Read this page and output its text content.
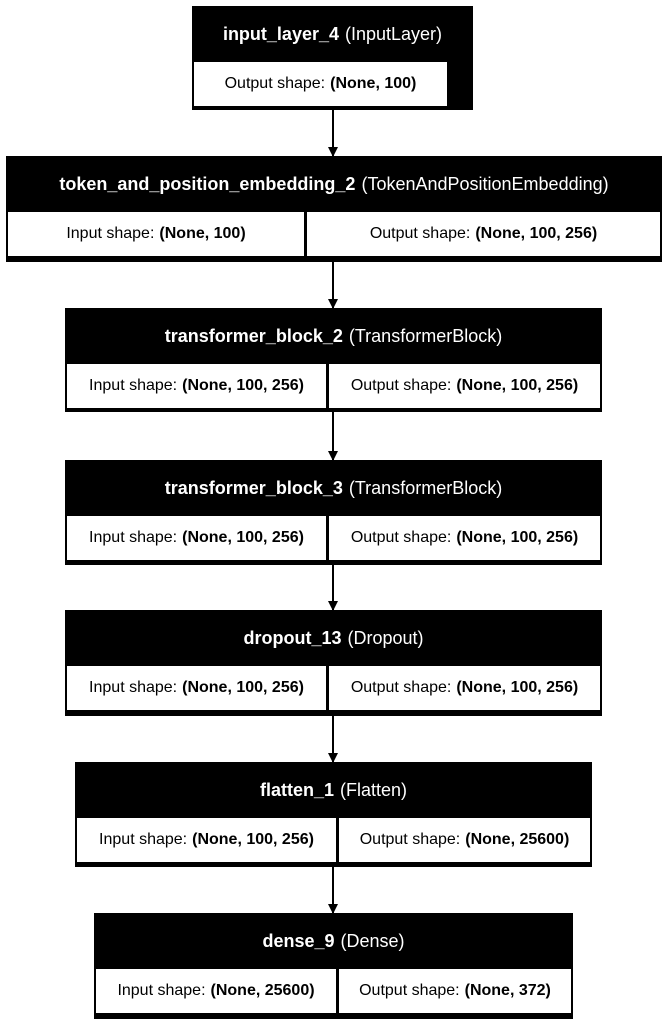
input_layer_4 (InputLayer)
Output shape: (None, 100)
token_and_position_embedding_2 (TokenAndPositionEmbedding)
Input shape: (None, 100)	Output shape: (None, 100, 256)
transformer_block_2 (TransformerBlock)
Input shape: (None, 100, 256)	Output shape: (None, 100, 256)
transformer_block_3 (TransformerBlock)
Input shape: (None, 100, 256)	Output shape: (None, 100, 256)
dropout_13 (Dropout)
Input shape: (None, 100, 256)	Output shape: (None, 100, 256)
flatten_1 (Flatten)
Input shape: (None, 100, 256)	Output shape: (None, 25600)
dense_9 (Dense)
Input shape: (None, 25600)	Output shape: (None, 372)
